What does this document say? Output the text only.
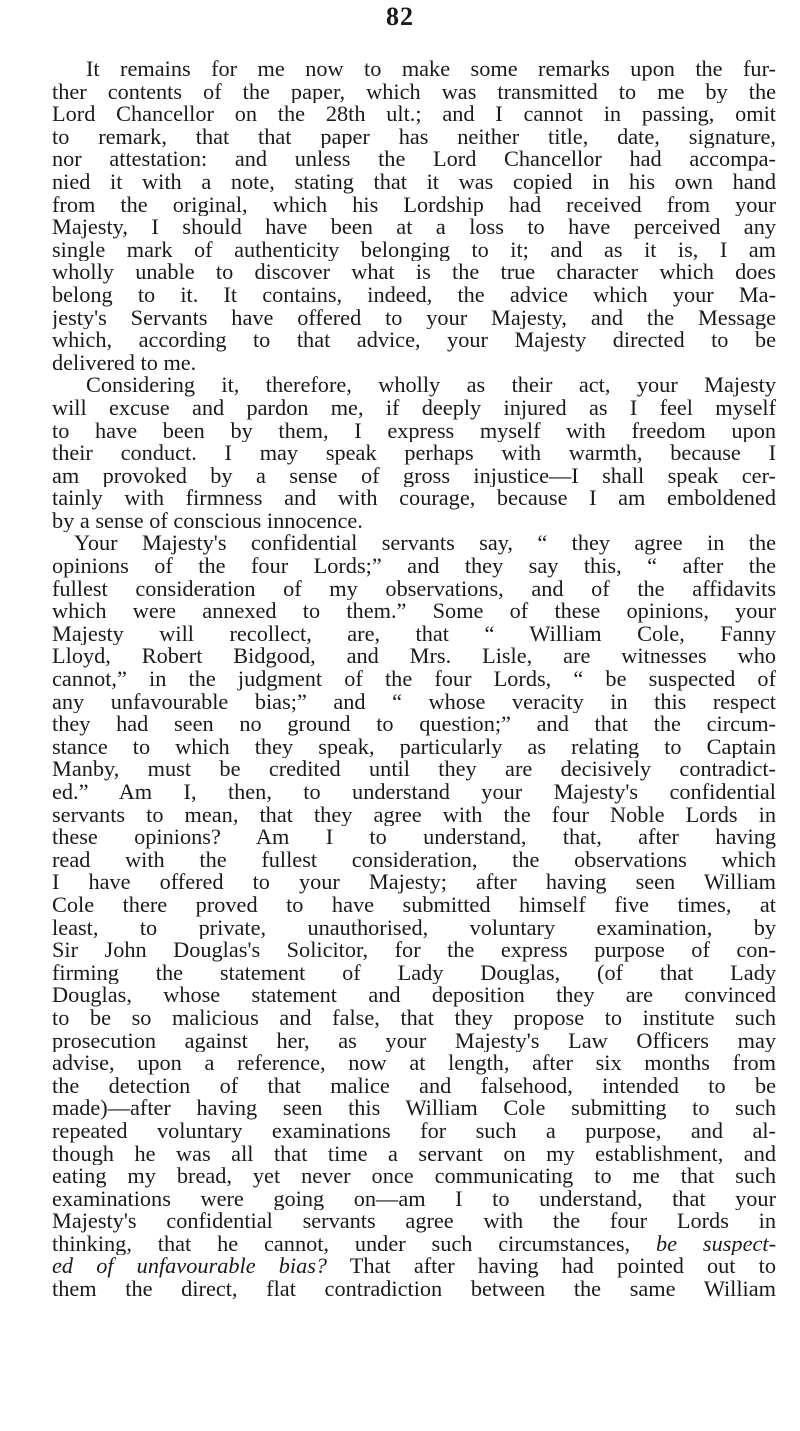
82
It remains for me now to make some remarks upon the fur-
ther contents of the paper, which was transmitted to me by the
Lord Chancellor on the 28th ult.; and I cannot in passing, omit
to remark, that that paper has neither title, date, signature,
nor attestation: and unless the Lord Chancellor had accompa-
nied it with a note, stating that it was copied in his own hand
from the original, which his Lordship had received from your
Majesty, I should have been at a loss to have perceived any
single mark of authenticity belonging to it; and as it is, I am
wholly unable to discover what is the true character which does
belong to it. It contains, indeed, the advice which your Ma-
jesty's Servants have offered to your Majesty, and the Message
which, according to that advice, your Majesty directed to be
delivered to me.
Considering it, therefore, wholly as their act, your Majesty
will excuse and pardon me, if deeply injured as I feel myself
to have been by them, I express myself with freedom upon
their conduct. I may speak perhaps with warmth, because I
am provoked by a sense of gross injustice—I shall speak cer-
tainly with firmness and with courage, because I am emboldened
by a sense of conscious innocence.
Your Majesty's confidential servants say, “ they agree in the
opinions of the four Lords;” and they say this, “ after the
fullest consideration of my observations, and of the affidavits
which were annexed to them.” Some of these opinions, your
Majesty will recollect, are, that “ William Cole, Fanny
Lloyd, Robert Bidgood, and Mrs. Lisle, are witnesses who
cannot,” in the judgment of the four Lords, “ be suspected of
any unfavourable bias;” and “ whose veracity in this respect
they had seen no ground to question;” and that the circum-
stance to which they speak, particularly as relating to Captain
Manby, must be credited until they are decisively contradict-
ed.” Am I, then, to understand your Majesty's confidential
servants to mean, that they agree with the four Noble Lords in
these opinions? Am I to understand, that, after having
read with the fullest consideration, the observations which
I have offered to your Majesty; after having seen William
Cole there proved to have submitted himself five times, at
least, to private, unauthorised, voluntary examination, by
Sir John Douglas's Solicitor, for the express purpose of con-
firming the statement of Lady Douglas, (of that Lady
Douglas, whose statement and deposition they are convinced
to be so malicious and false, that they propose to institute such
prosecution against her, as your Majesty's Law Officers may
advise, upon a reference, now at length, after six months from
the detection of that malice and falsehood, intended to be
made)—after having seen this William Cole submitting to such
repeated voluntary examinations for such a purpose, and al-
though he was all that time a servant on my establishment, and
eating my bread, yet never once communicating to me that such
examinations were going on—am I to understand, that your
Majesty's confidential servants agree with the four Lords in
thinking, that he cannot, under such circumstances, be suspect-
ed of unfavourable bias? That after having had pointed out to
them the direct, flat contradiction between the same William
